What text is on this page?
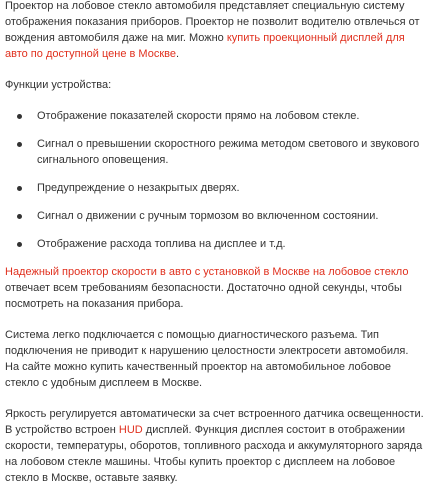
Проектор на лобовое стекло автомобиля представляет специальную систему отображения показания приборов. Проектор не позволит водителю отвлечься от вождения автомобиля даже на миг. Можно купить проекционный дисплей для авто по доступной цене в Москве.

Функции устройства:

Отображение показателей скорости прямо на лобовом стекле.
Сигнал о превышении скоростного режима методом светового и звукового сигнального оповещения.
Предупреждение о незакрытых дверях.
Сигнал о движении с ручным тормозом во включенном состоянии.
Отображение расхода топлива на дисплее и т.д.

Надежный проектор скорости в авто с установкой в Москве на лобовое стекло отвечает всем требованиям безопасности. Достаточно одной секунды, чтобы посмотреть на показания прибора.

Система легко подключается с помощью диагностического разъема. Тип подключения не приводит к нарушению целостности электросети автомобиля. На сайте можно купить качественный проектор на автомобильное лобовое стекло с удобным дисплеем в Москве.

Яркость регулируется автоматически за счет встроенного датчика освещенности. В устройство встроен HUD дисплей. Функция дисплея состоит в отображении скорости, температуры, оборотов, топливного расхода и аккумуляторного заряда на лобовом стекле машины. Чтобы купить проектор с дисплеем на лобовое стекло в Москве, оставьте заявку.
